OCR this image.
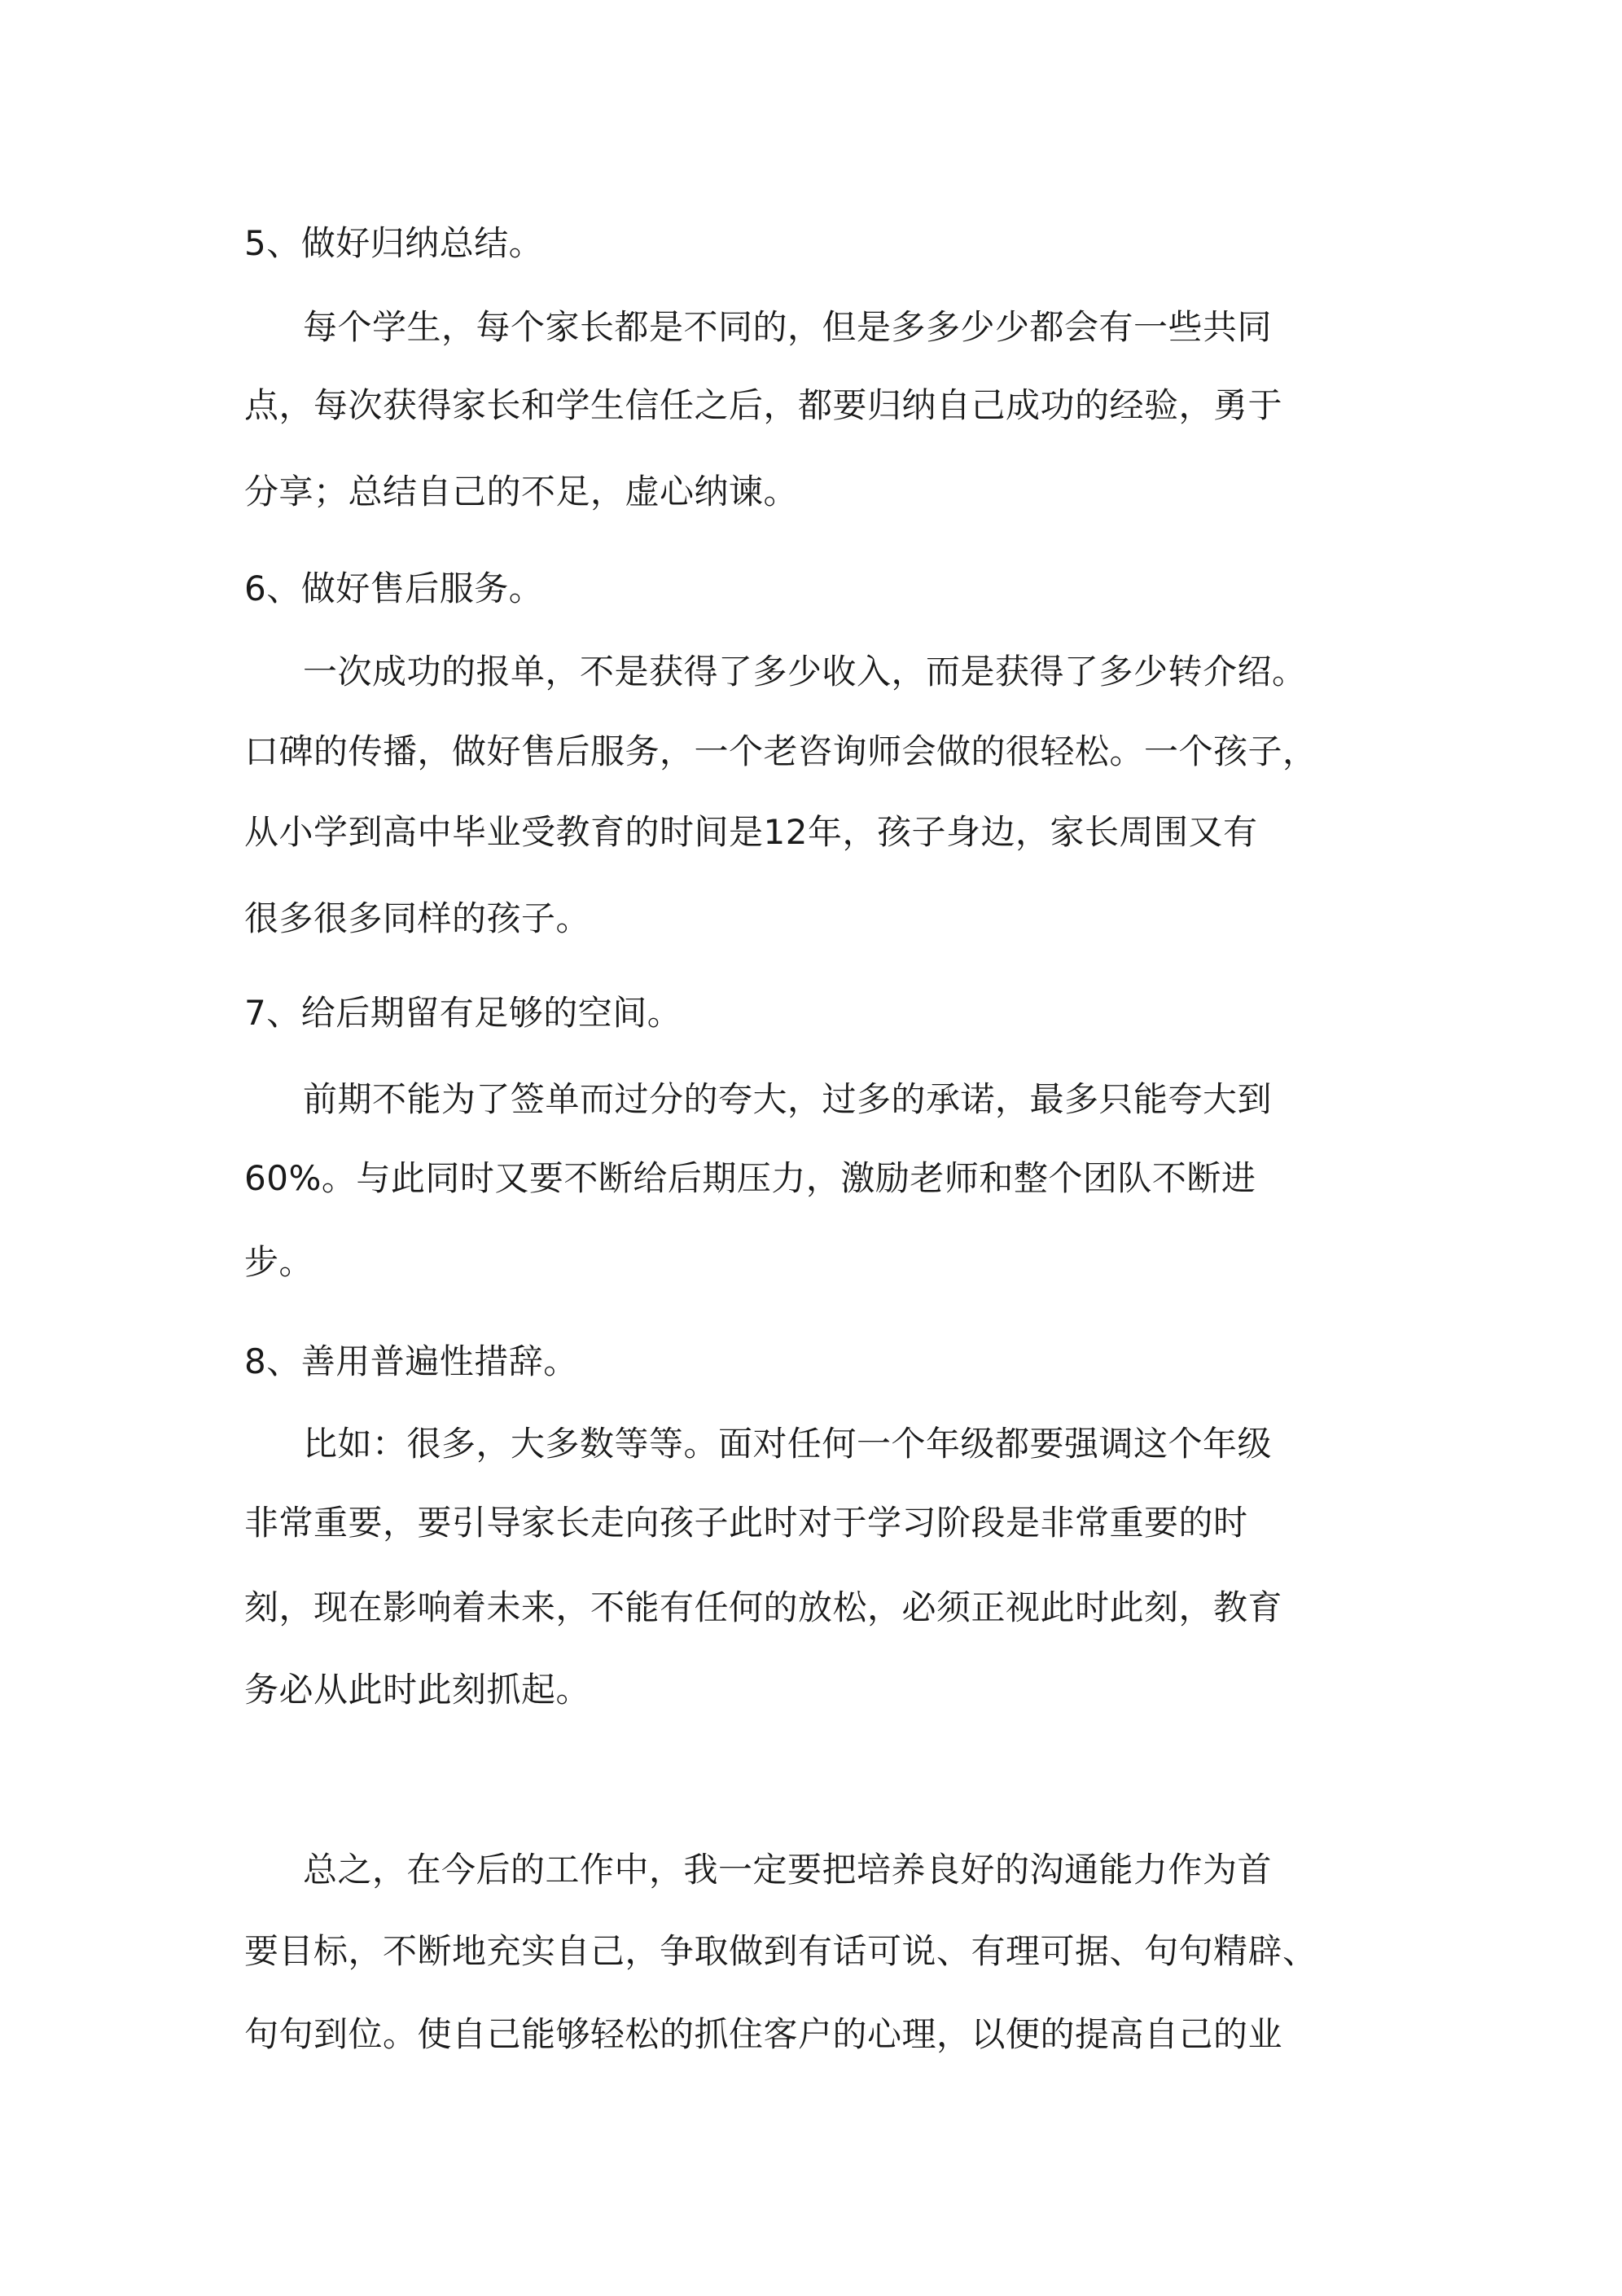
5、做好归纳总结。

每个学生，每个家长都是不同的，但是多多少少都会有一些共同

点，每次获得家长和学生信任之后，都要归纳自己成功的经验，勇于

分享；总结自己的不足，虚心纳谏。

6、做好售后服务。

一次成功的报单，不是获得了多少收入，而是获得了多少转介绍。

口碑的传播，做好售后服务，一个老咨询师会做的很轻松。一个孩子，

从小学到高中毕业受教育的时间是12年，孩子身边，家长周围又有

很多很多同样的孩子。

7、给后期留有足够的空间。

前期不能为了签单而过分的夸大，过多的承诺，最多只能夸大到

60%。与此同时又要不断给后期压力，激励老师和整个团队不断进

步。

8、善用普遍性措辞。

比如：很多，大多数等等。面对任何一个年级都要强调这个年级

非常重要，要引导家长走向孩子此时对于学习阶段是非常重要的时

刻，现在影响着未来，不能有任何的放松，必须正视此时此刻，教育

务必从此时此刻抓起。

总之，在今后的工作中，我一定要把培养良好的沟通能力作为首

要目标，不断地充实自己，争取做到有话可说、有理可据、句句精辟、

句句到位。使自己能够轻松的抓住客户的心理，以便的提高自己的业
